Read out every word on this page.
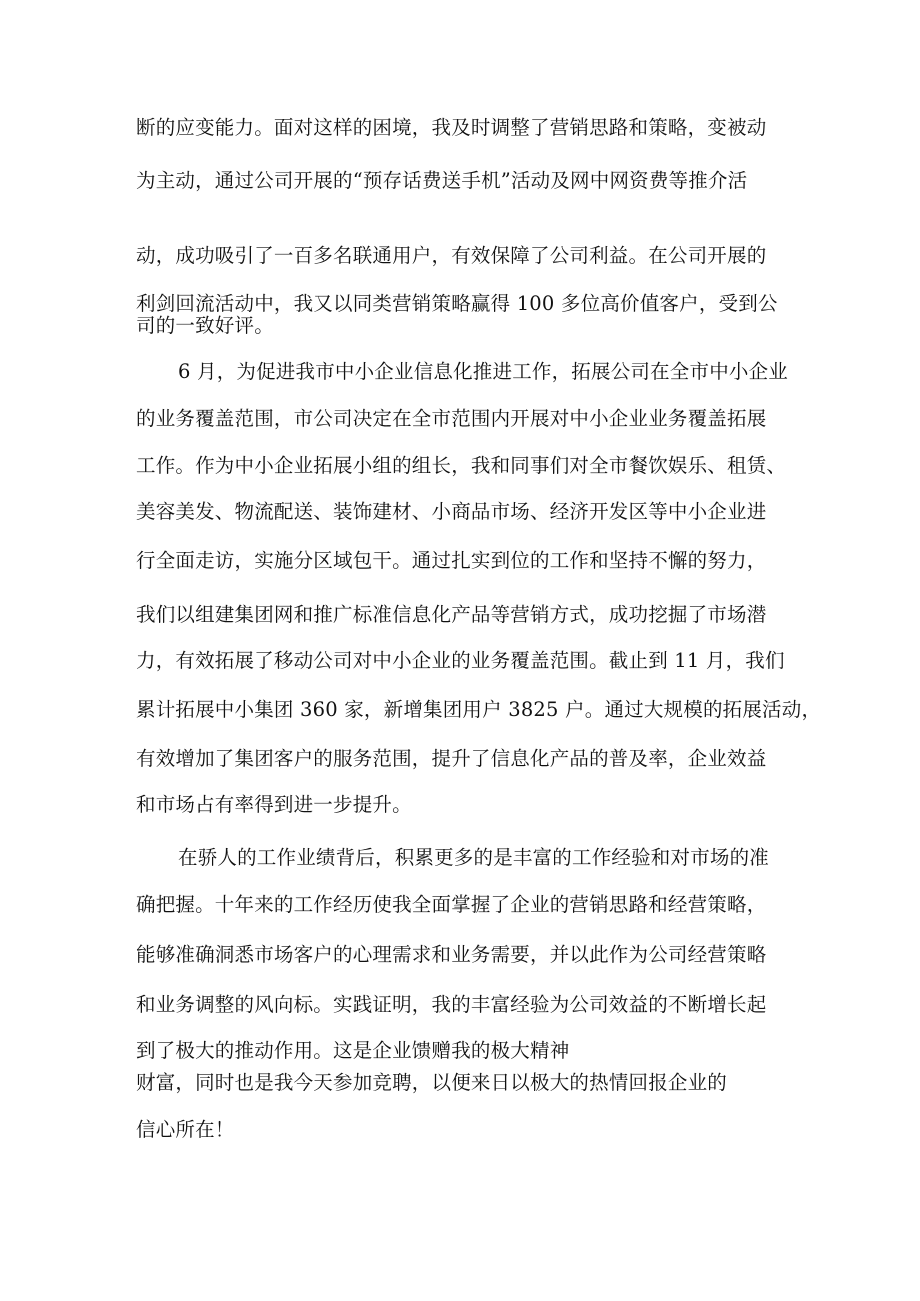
断的应变能力。面对这样的困境，我及时调整了营销思路和策略，变被动
为主动，通过公司开展的“预存话费送手机”活动及网中网资费等推介活
动，成功吸引了一百多名联通用户，有效保障了公司利益。在公司开展的
利剑回流活动中，我又以同类营销策略赢得 100 多位高价值客户，受到公
司的一致好评。
6 月，为促进我市中小企业信息化推进工作，拓展公司在全市中小企业
的业务覆盖范围，市公司决定在全市范围内开展对中小企业业务覆盖拓展
工作。作为中小企业拓展小组的组长，我和同事们对全市餐饮娱乐、租赁、
美容美发、物流配送、装饰建材、小商品市场、经济开发区等中小企业进
行全面走访，实施分区域包干。通过扎实到位的工作和坚持不懈的努力，
我们以组建集团网和推广标准信息化产品等营销方式，成功挖掘了市场潜
力，有效拓展了移动公司对中小企业的业务覆盖范围。截止到 11 月，我们
累计拓展中小集团 360 家，新增集团用户 3825 户。通过大规模的拓展活动，
有效增加了集团客户的服务范围，提升了信息化产品的普及率，企业效益
和市场占有率得到进一步提升。
在骄人的工作业绩背后，积累更多的是丰富的工作经验和对市场的准
确把握。十年来的工作经历使我全面掌握了企业的营销思路和经营策略，
能够准确洞悉市场客户的心理需求和业务需要，并以此作为公司经营策略
和业务调整的风向标。实践证明，我的丰富经验为公司效益的不断增长起
到了极大的推动作用。这是企业馈赠我的极大精神
财富，同时也是我今天参加竞聘，以便来日以极大的热情回报企业的
信心所在！
